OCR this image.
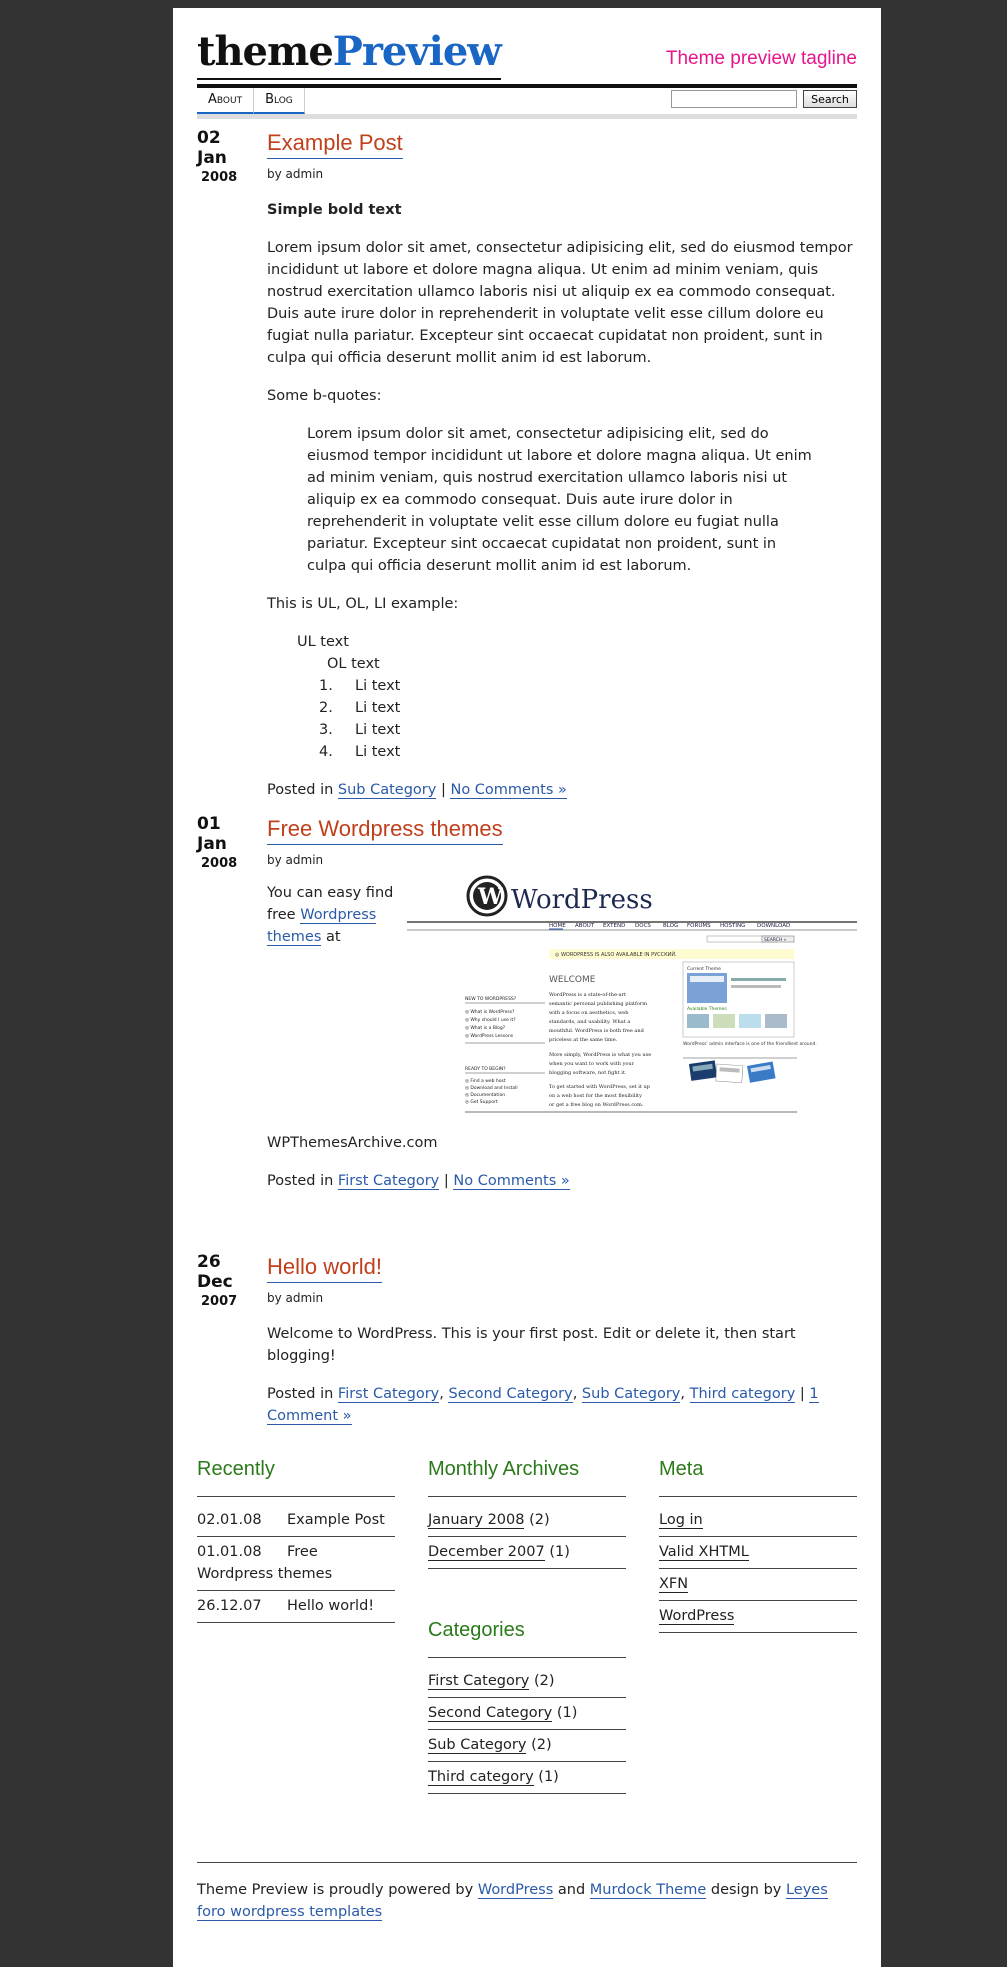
themePreview	Theme preview tagline
About	Blog	Search
02
Jan
2008
Example Post
by admin

Simple bold text

Lorem ipsum dolor sit amet, consectetur adipisicing elit, sed do eiusmod tempor incididunt ut labore et dolore magna aliqua. Ut enim ad minim veniam, quis nostrud exercitation ullamco laboris nisi ut aliquip ex ea commodo consequat. Duis aute irure dolor in reprehenderit in voluptate velit esse cillum dolore eu fugiat nulla pariatur. Excepteur sint occaecat cupidatat non proident, sunt in culpa qui officia deserunt mollit anim id est laborum.

Some b-quotes:

Lorem ipsum dolor sit amet, consectetur adipisicing elit, sed do eiusmod tempor incididunt ut labore et dolore magna aliqua. Ut enim ad minim veniam, quis nostrud exercitation ullamco laboris nisi ut aliquip ex ea commodo consequat. Duis aute irure dolor in reprehenderit in voluptate velit esse cillum dolore eu fugiat nulla pariatur. Excepteur sint occaecat cupidatat non proident, sunt in culpa qui officia deserunt mollit anim id est laborum.

This is UL, OL, LI example:

UL text
OL text
1. Li text
2. Li text
3. Li text
4. Li text

Posted in Sub Category | No Comments »

01
Jan
2008
Free Wordpress themes
by admin
You can easy find free Wordpress themes at
W WordPress
HOME ABOUT EXTEND DOCS BLOG FORUMS HOSTING DOWNLOAD
SEARCH »
◎ WORDPRESS IS ALSO AVAILABLE IN РУССКИЙ.
WELCOME
WordPress is a state-of-the-art
semantic personal publishing platform
with a focus on aesthetics, web
standards, and usability. What a
mouthful. WordPress is both free and
priceless at the same time.
More simply, WordPress is what you use
when you want to work with your
blogging software, not fight it.
To get started with WordPress, set it up
on a web host for the most flexibility
or get a free blog on WordPress.com.
NEW TO WORDPRESS?
◎ What is WordPress?
◎ Why should I use it?
◎ What is a Blog?
◎ WordPress Lessons
READY TO BEGIN?
◎ Find a web host
◎ Download and Install
◎ Documentation
◎ Get Support
Current Theme
Available Themes
WordPress' admin interface is one of the friendliest around.
WPThemesArchive.com
Posted in First Category | No Comments »
26
Dec
2007
Hello world!
by admin

Welcome to WordPress. This is your first post. Edit or delete it, then start blogging!

Posted in First Category, Second Category, Sub Category, Third category | 1 Comment »

Recently
02.01.08 Example Post
01.01.08 Free Wordpress themes
26.12.07 Hello world!
Monthly Archives
January 2008 (2)
December 2007 (1)
Categories
First Category (2)
Second Category (1)
Sub Category (2)
Third category (1)
Meta
Log in
Valid XHTML
XFN
WordPress
Theme Preview is proudly powered by WordPress and Murdock Theme design by Leyes foro wordpress templates
